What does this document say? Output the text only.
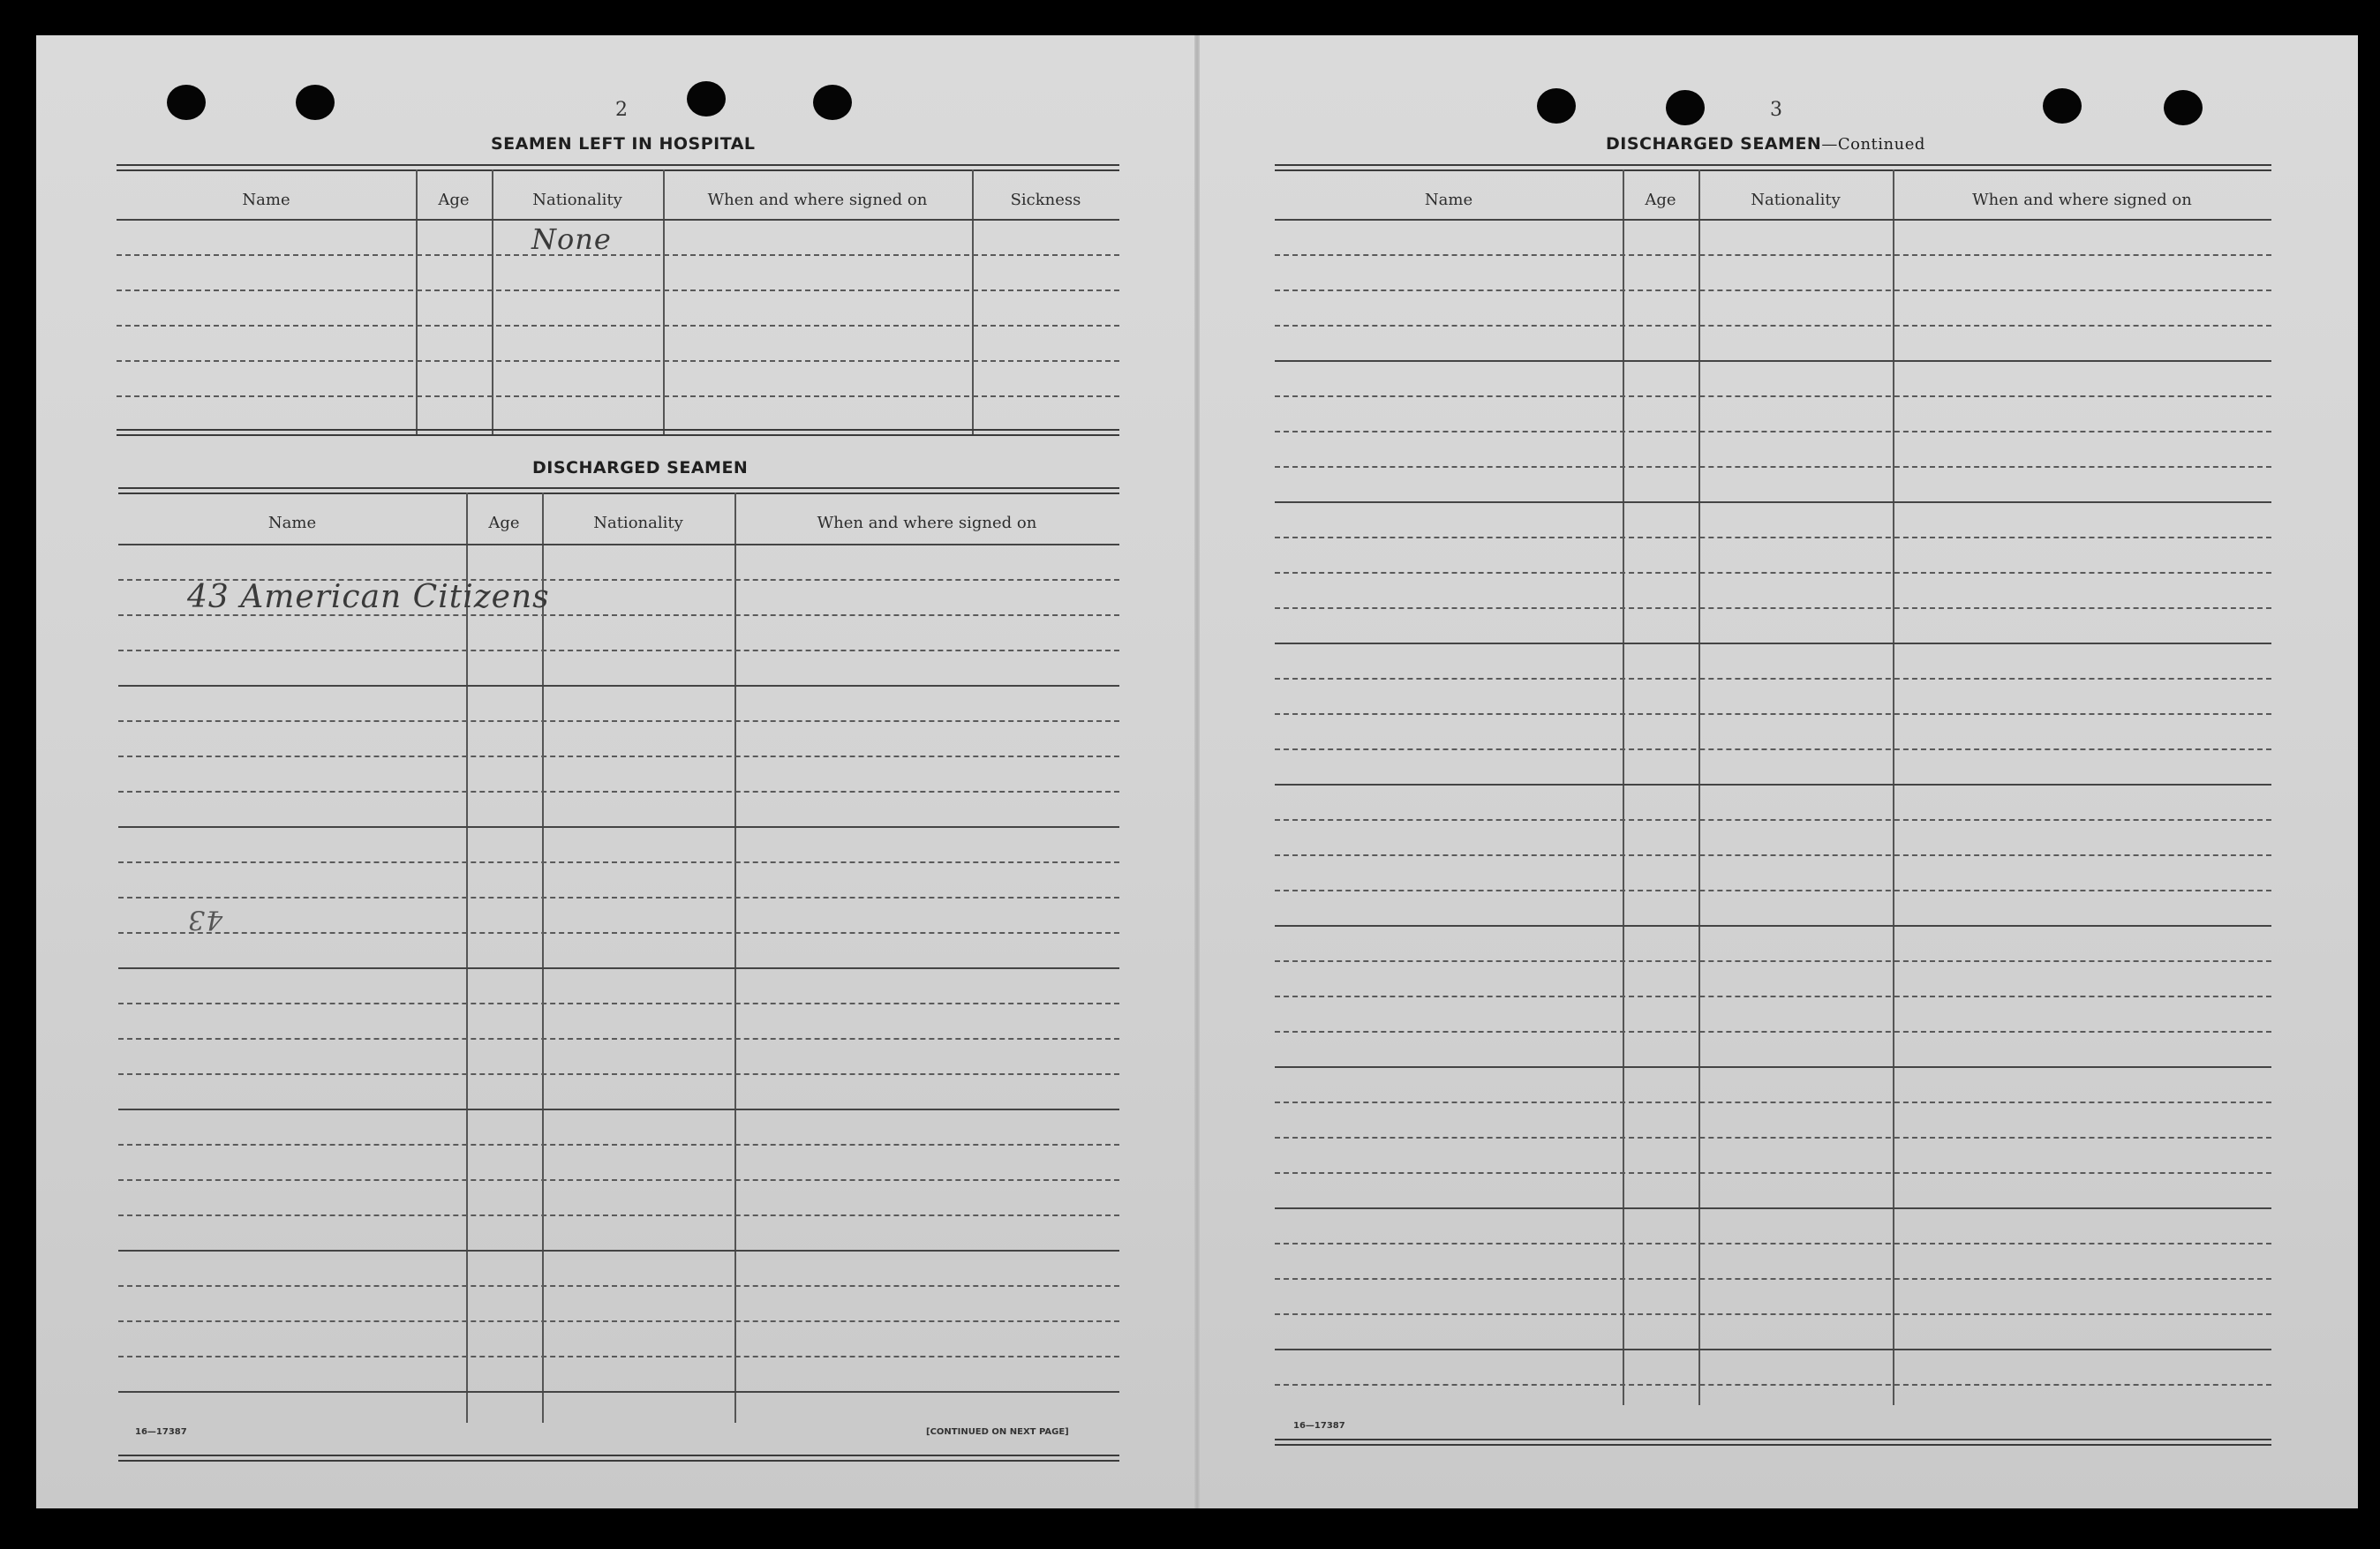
2
SEAMEN LEFT IN HOSPITAL
Name	Age	Nationality	When and where signed on	Sickness
None
DISCHARGED SEAMEN
Name	Age	Nationality	When and where signed on
43 American Citizens
43
16—17387	[CONTINUED ON NEXT PAGE]
3
DISCHARGED SEAMEN—Continued
Name	Age	Nationality	When and where signed on
16—17387
